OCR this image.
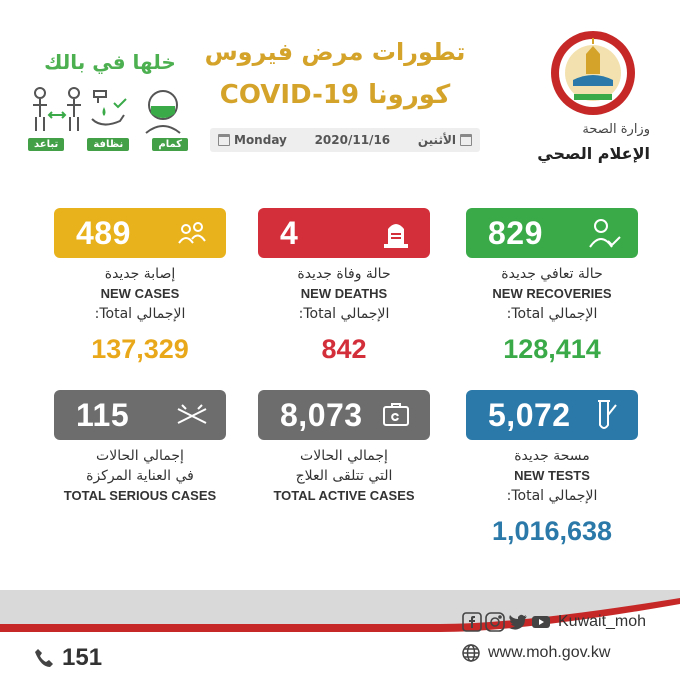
خلها في بالك
كمام
نظافة
تباعد
تطورات مرض فيروس
كورونا COVID-19
Monday 2020/11/16 الأثنين
وزارة الصحة
الإعلام الصحي
489	4	829
إصابة جديدة
NEW CASES
الإجمالي Total:
137,329
حالة وفاة جديدة
NEW DEATHS
الإجمالي Total:
842
حالة تعافي جديدة
NEW RECOVERIES
الإجمالي Total:
128,414
115	8,073	5,072
إجمالي الحالات
في العناية المركزة
TOTAL SERIOUS CASES
إجمالي الحالات
التي تتلقى العلاج
TOTAL ACTIVE CASES
مسحة جديدة
NEW TESTS
الإجمالي Total:
1,016,638
Kuwait_moh
www.moh.gov.kw
151
